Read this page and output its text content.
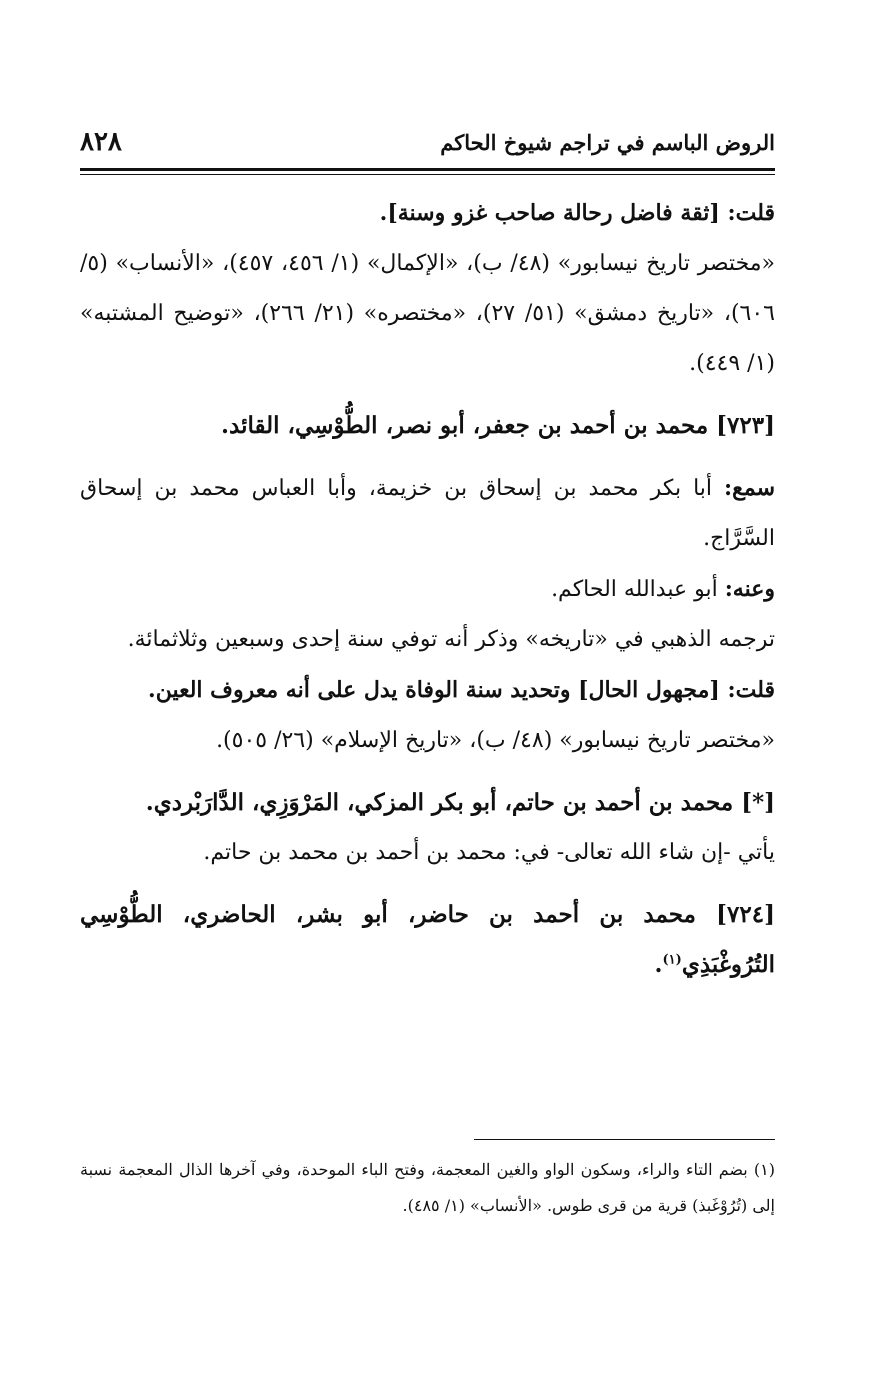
الروض الباسم في تراجم شيوخ الحاكم
٨٢٨

قلت: [ثقة فاضل رحالة صاحب غزو وسنة].

«مختصر تاريخ نيسابور» (٤٨/ ب)، «الإكمال» (١/ ٤٥٦، ٤٥٧)، «الأنساب» (٥/ ٦٠٦)، «تاريخ دمشق» (٥١/ ٢٧)، «مختصره» (٢١/ ٢٦٦)، «توضيح المشتبه» (١/ ٤٤٩).

[٧٢٣] محمد بن أحمد بن جعفر، أبو نصر، الطُّوْسِي، القائد.

سمع: أبا بكر محمد بن إسحاق بن خزيمة، وأبا العباس محمد بن إسحاق السَّرَّاج.

وعنه: أبو عبدالله الحاكم.

ترجمه الذهبي في «تاريخه» وذكر أنه توفي سنة إحدى وسبعين وثلاثمائة.

قلت: [مجهول الحال] وتحديد سنة الوفاة يدل على أنه معروف العين.

«مختصر تاريخ نيسابور» (٤٨/ ب)، «تاريخ الإسلام» (٢٦/ ٥٠٥).

[*] محمد بن أحمد بن حاتم، أبو بكر المزكي، المَرْوَزِي، الدَّارَبْردي.

يأتي -إن شاء الله تعالى- في: محمد بن أحمد بن محمد بن حاتم.

[٧٢٤] محمد بن أحمد بن حاضر، أبو بشر، الحاضري، الطُّوْسِي التُرُوغْبَذِي$^{(١)}$.

(١) بضم التاء والراء، وسكون الواو والغين المعجمة، وفتح الباء الموحدة، وفي آخرها الذال المعجمة نسبة إلى (تُرُوْغَبذ) قرية من قرى طوس. «الأنساب» (١/ ٤٨٥).
